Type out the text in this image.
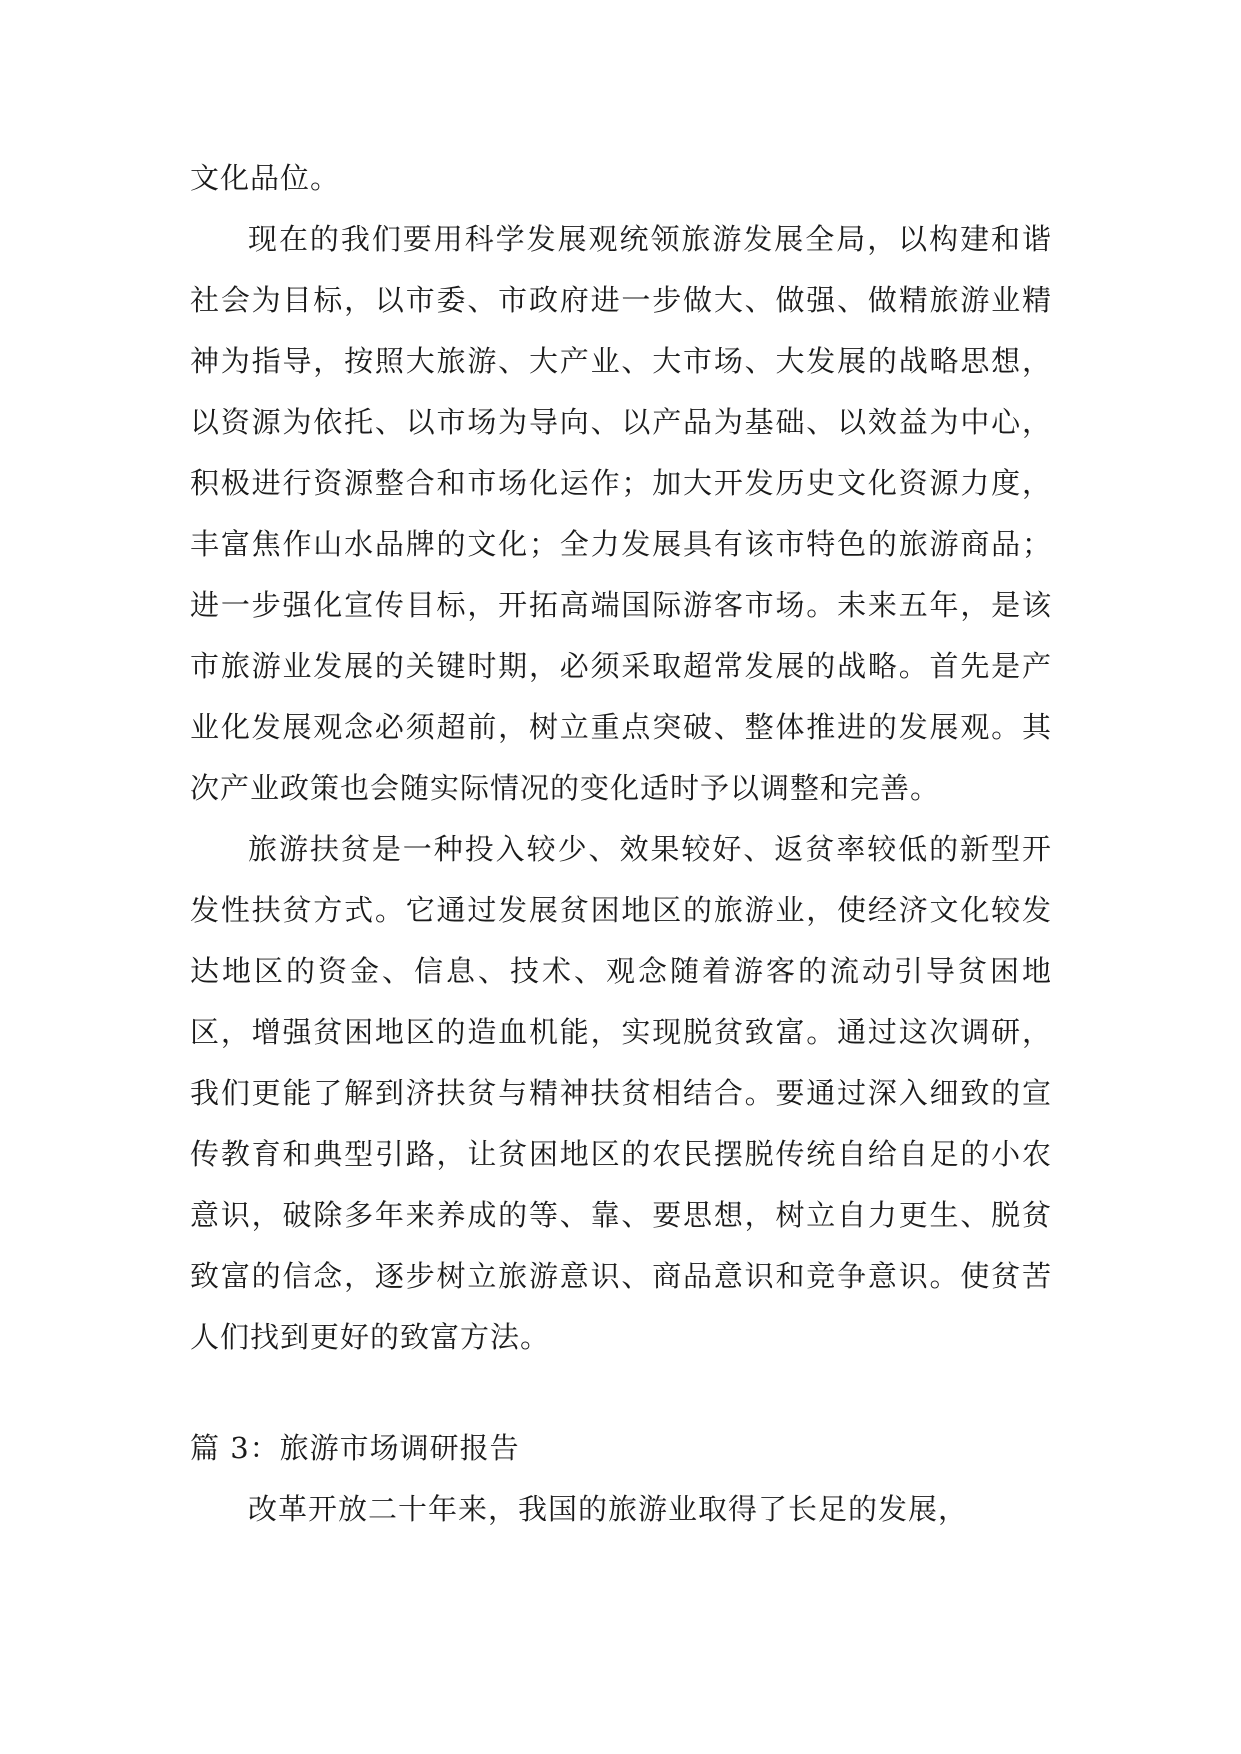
文化品位。

现在的我们要用科学发展观统领旅游发展全局，以构建和谐社会为目标，以市委、市政府进一步做大、做强、做精旅游业精神为指导，按照大旅游、大产业、大市场、大发展的战略思想，以资源为依托、以市场为导向、以产品为基础、以效益为中心，积极进行资源整合和市场化运作；加大开发历史文化资源力度，丰富焦作山水品牌的文化；全力发展具有该市特色的旅游商品；进一步强化宣传目标，开拓高端国际游客市场。未来五年，是该市旅游业发展的关键时期，必须采取超常发展的战略。首先是产业化发展观念必须超前，树立重点突破、整体推进的发展观。其次产业政策也会随实际情况的变化适时予以调整和完善。

旅游扶贫是一种投入较少、效果较好、返贫率较低的新型开发性扶贫方式。它通过发展贫困地区的旅游业，使经济文化较发达地区的资金、信息、技术、观念随着游客的流动引导贫困地区，增强贫困地区的造血机能，实现脱贫致富。通过这次调研，我们更能了解到济扶贫与精神扶贫相结合。要通过深入细致的宣传教育和典型引路，让贫困地区的农民摆脱传统自给自足的小农意识，破除多年来养成的等、靠、要思想，树立自力更生、脱贫致富的信念，逐步树立旅游意识、商品意识和竞争意识。使贫苦人们找到更好的致富方法。

篇 3：旅游市场调研报告

改革开放二十年来，我国的旅游业取得了长足的发展，
